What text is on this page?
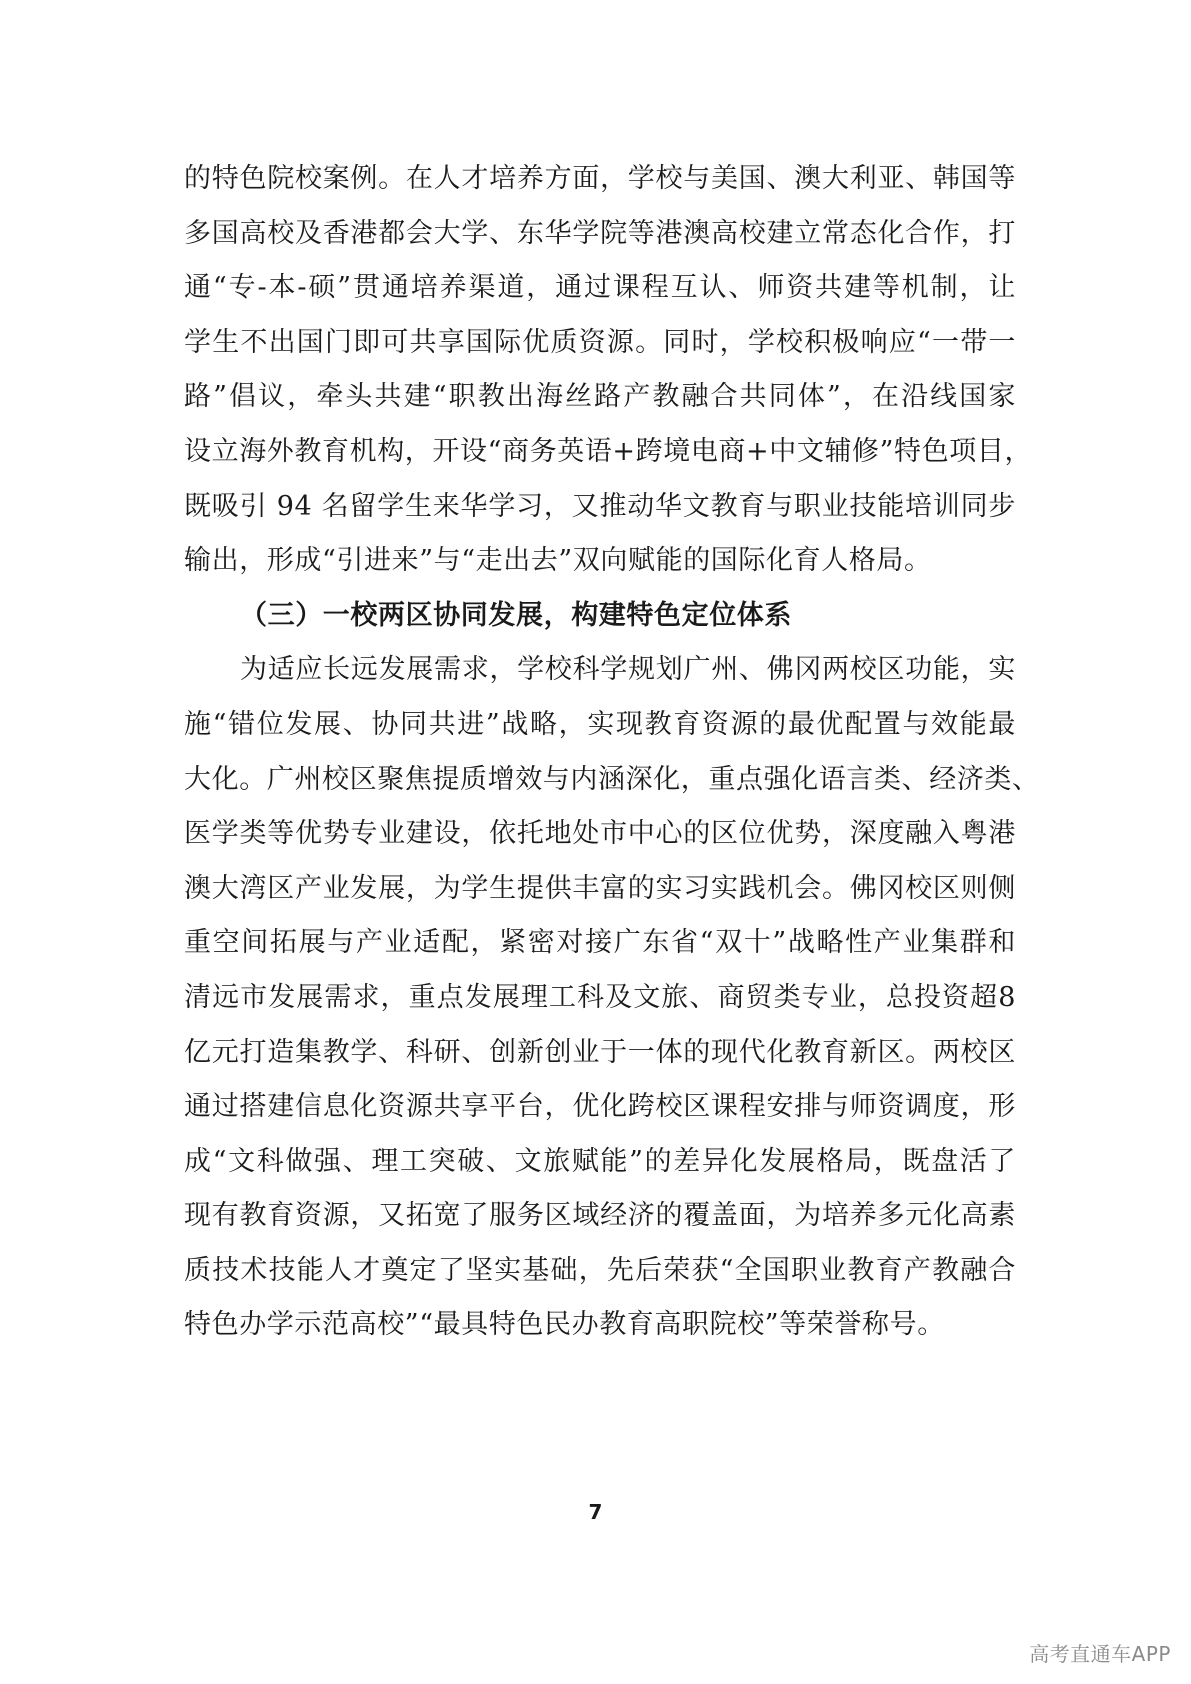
的特色院校案例。在人才培养方面，学校与美国、澳大利亚、韩国等
多国高校及香港都会大学、东华学院等港澳高校建立常态化合作，打
通“专-本-硕”贯通培养渠道，通过课程互认、师资共建等机制，让
学生不出国门即可共享国际优质资源。同时，学校积极响应“一带一
路”倡议，牵头共建“职教出海丝路产教融合共同体”，在沿线国家
设立海外教育机构，开设“商务英语+跨境电商+中文辅修”特色项目，
既吸引 94 名留学生来华学习，又推动华文教育与职业技能培训同步
输出，形成“引进来”与“走出去”双向赋能的国际化育人格局。
（三）一校两区协同发展，构建特色定位体系
为适应长远发展需求，学校科学规划广州、佛冈两校区功能，实
施“错位发展、协同共进”战略，实现教育资源的最优配置与效能最
大化。广州校区聚焦提质增效与内涵深化，重点强化语言类、经济类、
医学类等优势专业建设，依托地处市中心的区位优势，深度融入粤港
澳大湾区产业发展，为学生提供丰富的实习实践机会。佛冈校区则侧
重空间拓展与产业适配，紧密对接广东省“双十”战略性产业集群和
清远市发展需求，重点发展理工科及文旅、商贸类专业，总投资超8
亿元打造集教学、科研、创新创业于一体的现代化教育新区。两校区
通过搭建信息化资源共享平台，优化跨校区课程安排与师资调度，形
成“文科做强、理工突破、文旅赋能”的差异化发展格局，既盘活了
现有教育资源，又拓宽了服务区域经济的覆盖面，为培养多元化高素
质技术技能人才奠定了坚实基础，先后荣获“全国职业教育产教融合
特色办学示范高校”“最具特色民办教育高职院校”等荣誉称号。
7
高考直通车APP
